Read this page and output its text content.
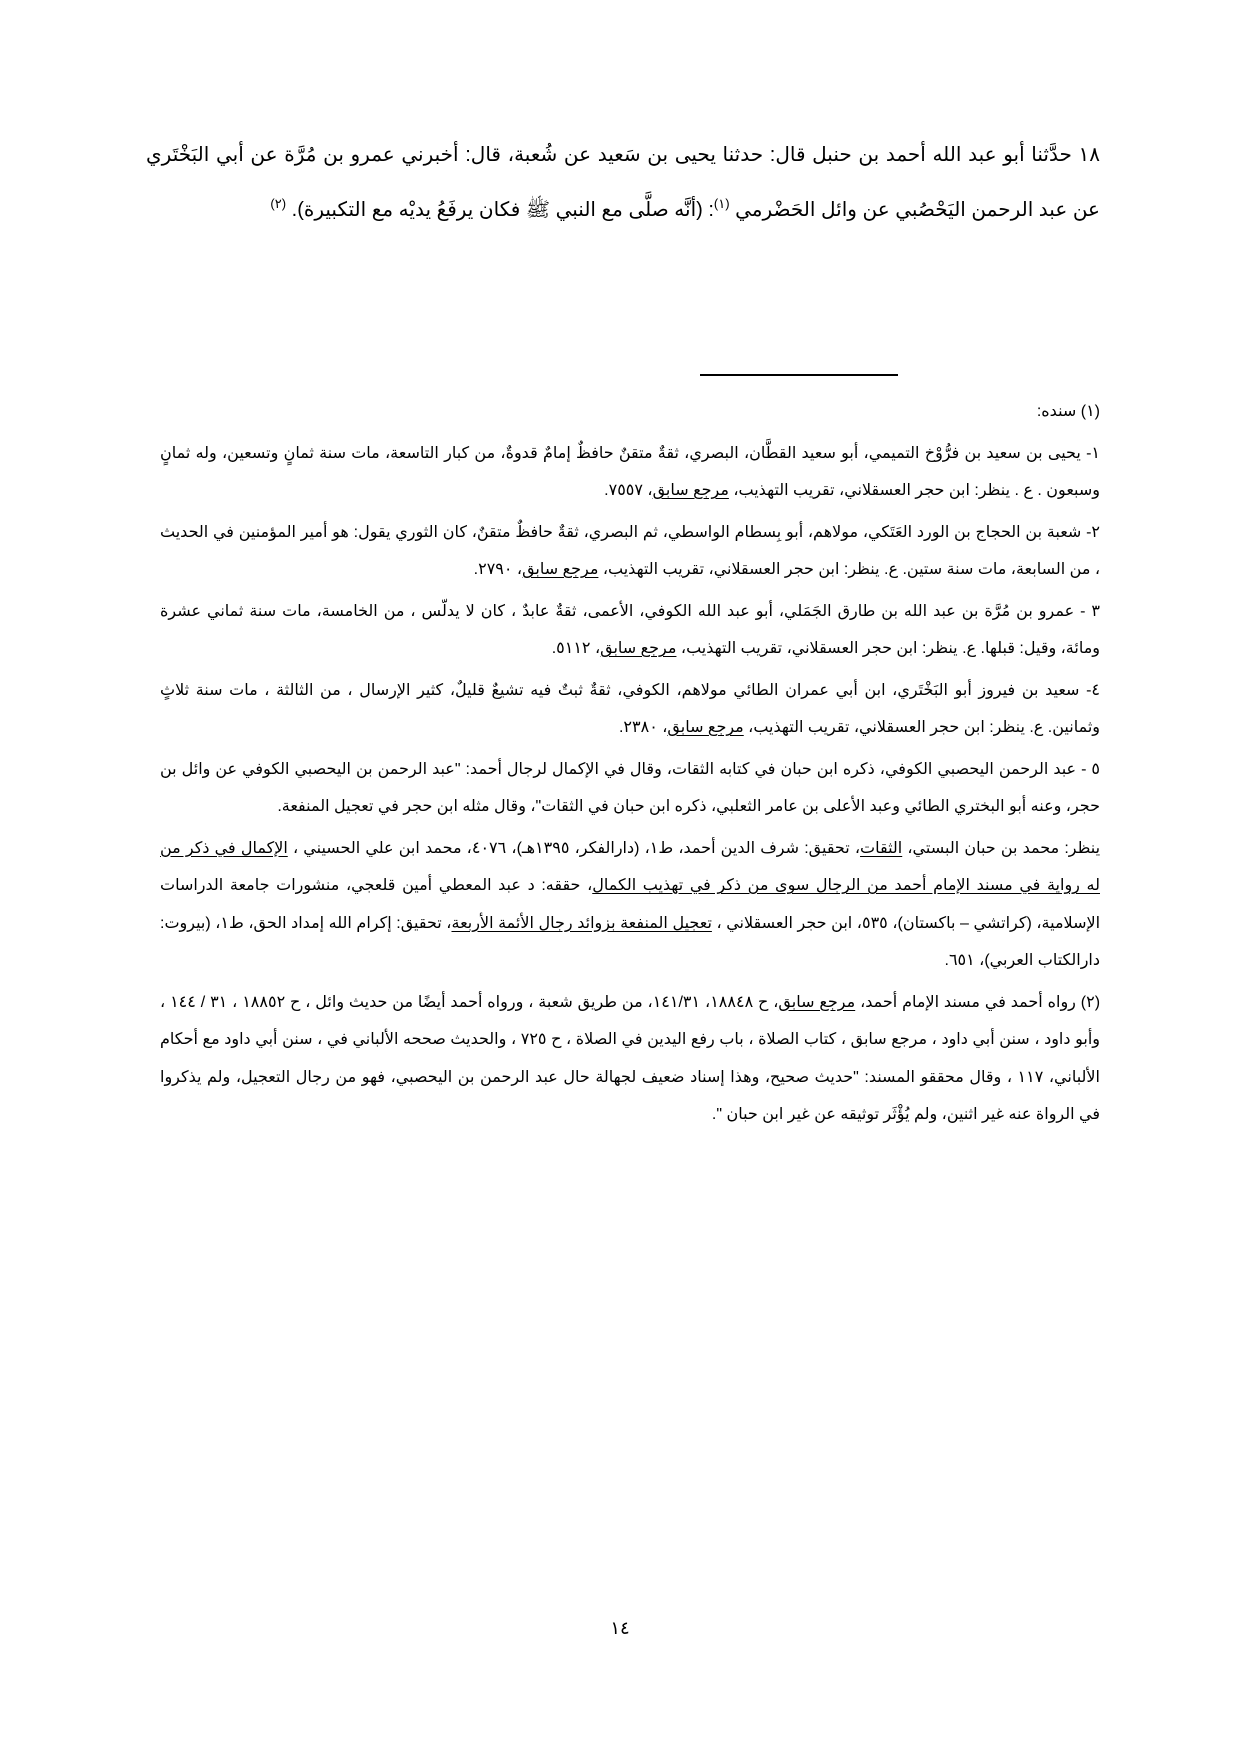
١٨ حدَّثنا أبو عبد الله أحمد بن حنبل قال: حدثنا يحيى بن سَعيد عن شُعبة، قال: أخبرني عمرو بن مُرَّة عن أبي البَخْتَري عن عبد الرحمن اليَحْصُبي عن وائل الحَضْرمي $^{(١)}$: (أنَّه صلَّى مع النبي ﷺ فكان يرفَعُ يديْه مع التكبيرة). $^{(٢)}$

(١) سنده:

١- يحيى بن سعيد بن فرُّوْخ التميمي، أبو سعيد القطَّان، البصري، ثقةٌ متقنٌ حافظٌ إمامٌ قدوةٌ، من كبار التاسعة، مات سنة ثمانٍ وتسعين، وله ثمانٍ وسبعون . ع . ينظر: ابن حجر العسقلاني، تقريب التهذيب، مرجع سابق، ٧٥٥٧.

٢- شعبة بن الحجاج بن الورد العَتَكي، مولاهم، أبو بِسطام الواسطي، ثم البصري، ثقةٌ حافظٌ متقنٌ، كان الثوري يقول: هو أمير المؤمنين في الحديث ، من السابعة، مات سنة ستين. ع. ينظر: ابن حجر العسقلاني، تقريب التهذيب، مرجع سابق، ٢٧٩٠.

٣ - عمرو بن مُرَّة بن عبد الله بن طارق الجَمَلي، أبو عبد الله الكوفي، الأعمى، ثقةٌ عابدٌ ، كان لا يدلّس ، من الخامسة، مات سنة ثماني عشرة ومائة، وقيل: قبلها. ع. ينظر: ابن حجر العسقلاني، تقريب التهذيب، مرجع سابق، ٥١١٢.

٤- سعيد بن فيروز أبو البَخْتَري، ابن أبي عمران الطائي مولاهم، الكوفي، ثقةٌ ثبتٌ فيه تشيعٌ قليلٌ، كثير الإرسال ، من الثالثة ، مات سنة ثلاثٍ وثمانين. ع. ينظر: ابن حجر العسقلاني، تقريب التهذيب، مرجع سابق، ٢٣٨٠.

٥ - عبد الرحمن اليحصبي الكوفي، ذكره ابن حبان في كتابه الثقات، وقال في الإكمال لرجال أحمد: "عبد الرحمن بن اليحصبي الكوفي عن وائل بن حجر، وعنه أبو البختري الطائي وعبد الأعلى بن عامر الثعلبي، ذكره ابن حبان في الثقات"، وقال مثله ابن حجر في تعجيل المنفعة.

ينظر: محمد بن حبان البستي، الثقات، تحقيق: شرف الدين أحمد، ط١، (دارالفكر، ١٣٩٥هـ)، ٤٠٧٦، محمد ابن علي الحسيني ، الإكمال في ذكر من له رواية في مسند الإمام أحمد من الرجال سوى من ذكر في تهذيب الكمال، حققه: د عبد المعطي أمين قلعجي، منشورات جامعة الدراسات الإسلامية، (كراتشي – باكستان)، ٥٣٥، ابن حجر العسقلاني ، تعجيل المنفعة بزوائد رجال الأئمة الأربعة، تحقيق: إكرام الله إمداد الحق، ط١، (بيروت: دارالكتاب العربي)، ٦٥١.

(٢) رواه أحمد في مسند الإمام أحمد، مرجع سابق، ح ١٨٨٤٨، ١٤١/٣١، من طريق شعبة ، ورواه أحمد أيضًا من حديث وائل ، ح ١٨٨٥٢ ، ٣١ / ١٤٤ ، وأبو داود ، سنن أبي داود ، مرجع سابق ، كتاب الصلاة ، باب رفع اليدين في الصلاة ، ح ٧٢٥ ، والحديث صححه الألباني في ، سنن أبي داود مع أحكام الألباني، ١١٧ ، وقال محققو المسند: "حديث صحيح، وهذا إسناد ضعيف لجهالة حال عبد الرحمن بن اليحصبي، فهو من رجال التعجيل، ولم يذكروا في الرواة عنه غير اثنين، ولم يُؤْثَر توثيقه عن غير ابن حبان ".

١٤
